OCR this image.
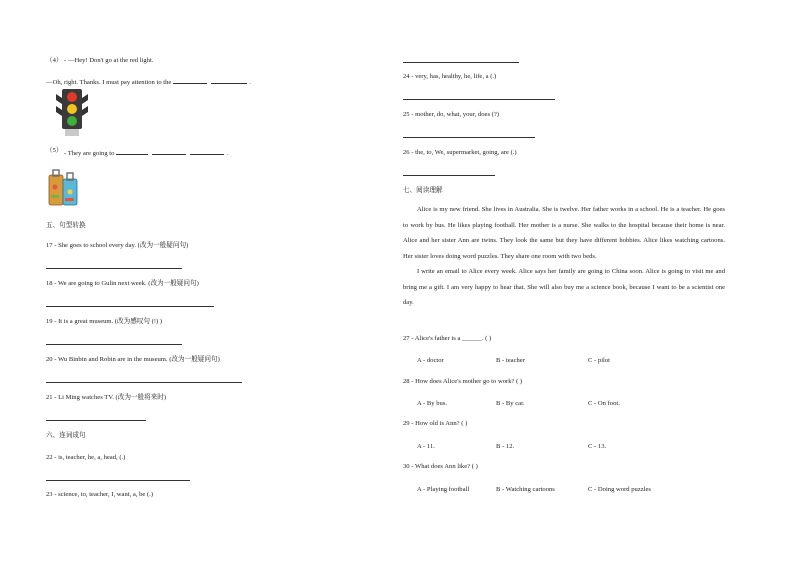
（4） - —Hey! Don't go at the red light.
—Oh, right. Thanks. I must pay attention to the	.
（5） - They are going to	.
五、句型转换
17 - She goes to school every day. (改为一般疑问句)
18 - We are going to Gulin next week. (改为一般疑问句)
19 - It is a great museum. (改为感叹句 (!) )
20 - Wu Binbin and Robin are in the museum. (改为一般疑问句)
21 - Li Ming watches TV. (改为一般将来时)
六、连词成句
22 - is, teacher, he, a, head, (.)
23 - science, to, teacher, I, want, a, be (.)
24 - very, has, healthy, he, life, a (.)
25 - mother, do, what, your, does (?)
26 - the, to, We, supermarket, going, are (.)
七、阅读理解

Alice is my new friend. She lives in Australia. She is twelve. Her father works in a school. He is a teacher. He goes to work by bus. He likes playing football. Her mother is a nurse. She walks to the hospital because their home is near. Alice and her sister Ann are twins. They look the same but they have different hobbies. Alice likes watching cartoons. Her sister loves doing word puzzles. They share one room with two beds.

I write an email to Alice every week. Alice says her family are going to China soon. Alice is going to visit me and bring me a gift. I am very happy to hear that. She will also buy me a science book, because I want to be a scientist one day.

27 - Alice's father is a ______. ( )
A - doctor	B - teacher	C - pilot
28 - How does Alice's mother go to work? ( )
A - By bus.	B - By car.	C - On foot.
29 - How old is Ann? ( )
A - 11.	B - 12.	C - 13.
30 - What does Ann like? ( )
A - Playing football	B - Watching cartoons	C - Doing word puzzles
